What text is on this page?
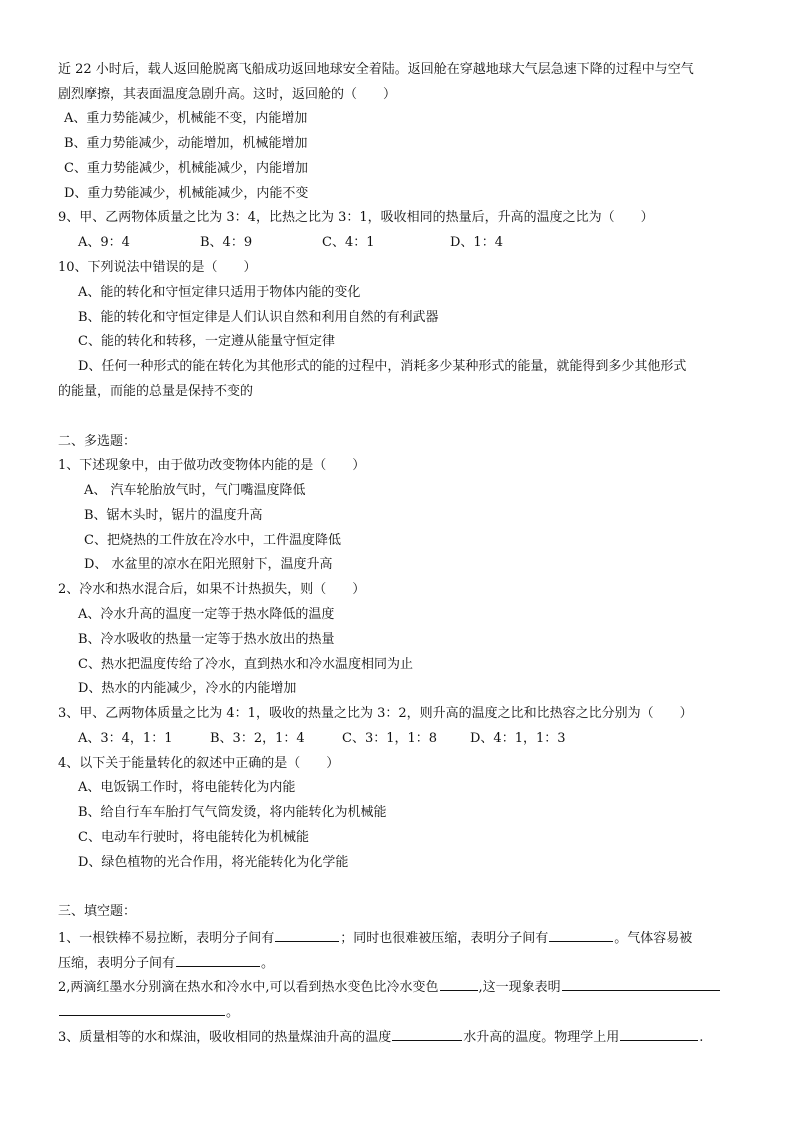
近 22 小时后，载人返回舱脱离飞船成功返回地球安全着陆。返回舱在穿越地球大气层急速下降的过程中与空气
剧烈摩擦，其表面温度急剧升高。这时，返回舱的（　　）
A、重力势能减少，机械能不变，内能增加
B、重力势能减少，动能增加，机械能增加
C、重力势能减少，机械能减少，内能增加
D、重力势能减少，机械能减少，内能不变
9、甲、乙两物体质量之比为 3：4，比热之比为 3：1，吸收相同的热量后，升高的温度之比为（　　）
A、9：4	B、4：9	C、4：1	D、1：4
10、下列说法中错误的是（　　）
A、能的转化和守恒定律只适用于物体内能的变化
B、能的转化和守恒定律是人们认识自然和利用自然的有利武器
C、能的转化和转移，一定遵从能量守恒定律
D、任何一种形式的能在转化为其他形式的能的过程中，消耗多少某种形式的能量，就能得到多少其他形式
的能量，而能的总量是保持不变的
二、多选题：
1、下述现象中，由于做功改变物体内能的是（　　）
A、 汽车轮胎放气时，气门嘴温度降低
B、锯木头时，锯片的温度升高
C、把烧热的工件放在冷水中，工件温度降低
D、 水盆里的凉水在阳光照射下，温度升高
2、冷水和热水混合后，如果不计热损失，则（　　）
A、冷水升高的温度一定等于热水降低的温度
B、冷水吸收的热量一定等于热水放出的热量
C、热水把温度传给了冷水，直到热水和冷水温度相同为止
D、热水的内能减少，冷水的内能增加
3、甲、乙两物体质量之比为 4：1，吸收的热量之比为 3：2，则升高的温度之比和比热容之比分别为（　　）
A、3：4，1：1	B、3：2，1：4	C、3：1，1：8	D、4：1，1：3
4、以下关于能量转化的叙述中正确的是（　　）
A、电饭锅工作时，将电能转化为内能
B、给自行车车胎打气气筒发烫，将内能转化为机械能
C、电动车行驶时，将电能转化为机械能
D、绿色植物的光合作用，将光能转化为化学能
三、填空题：
1、一根铁棒不易拉断，表明分子间有	；同时也很难被压缩，表明分子间有	。气体容易被
压缩，表明分子间有	。
2,两滴红墨水分别滴在热水和冷水中,可以看到热水变色比冷水变色	,这一现象表明
。
3、质量相等的水和煤油，吸收相同的热量煤油升高的温度	水升高的温度。物理学上用	.
